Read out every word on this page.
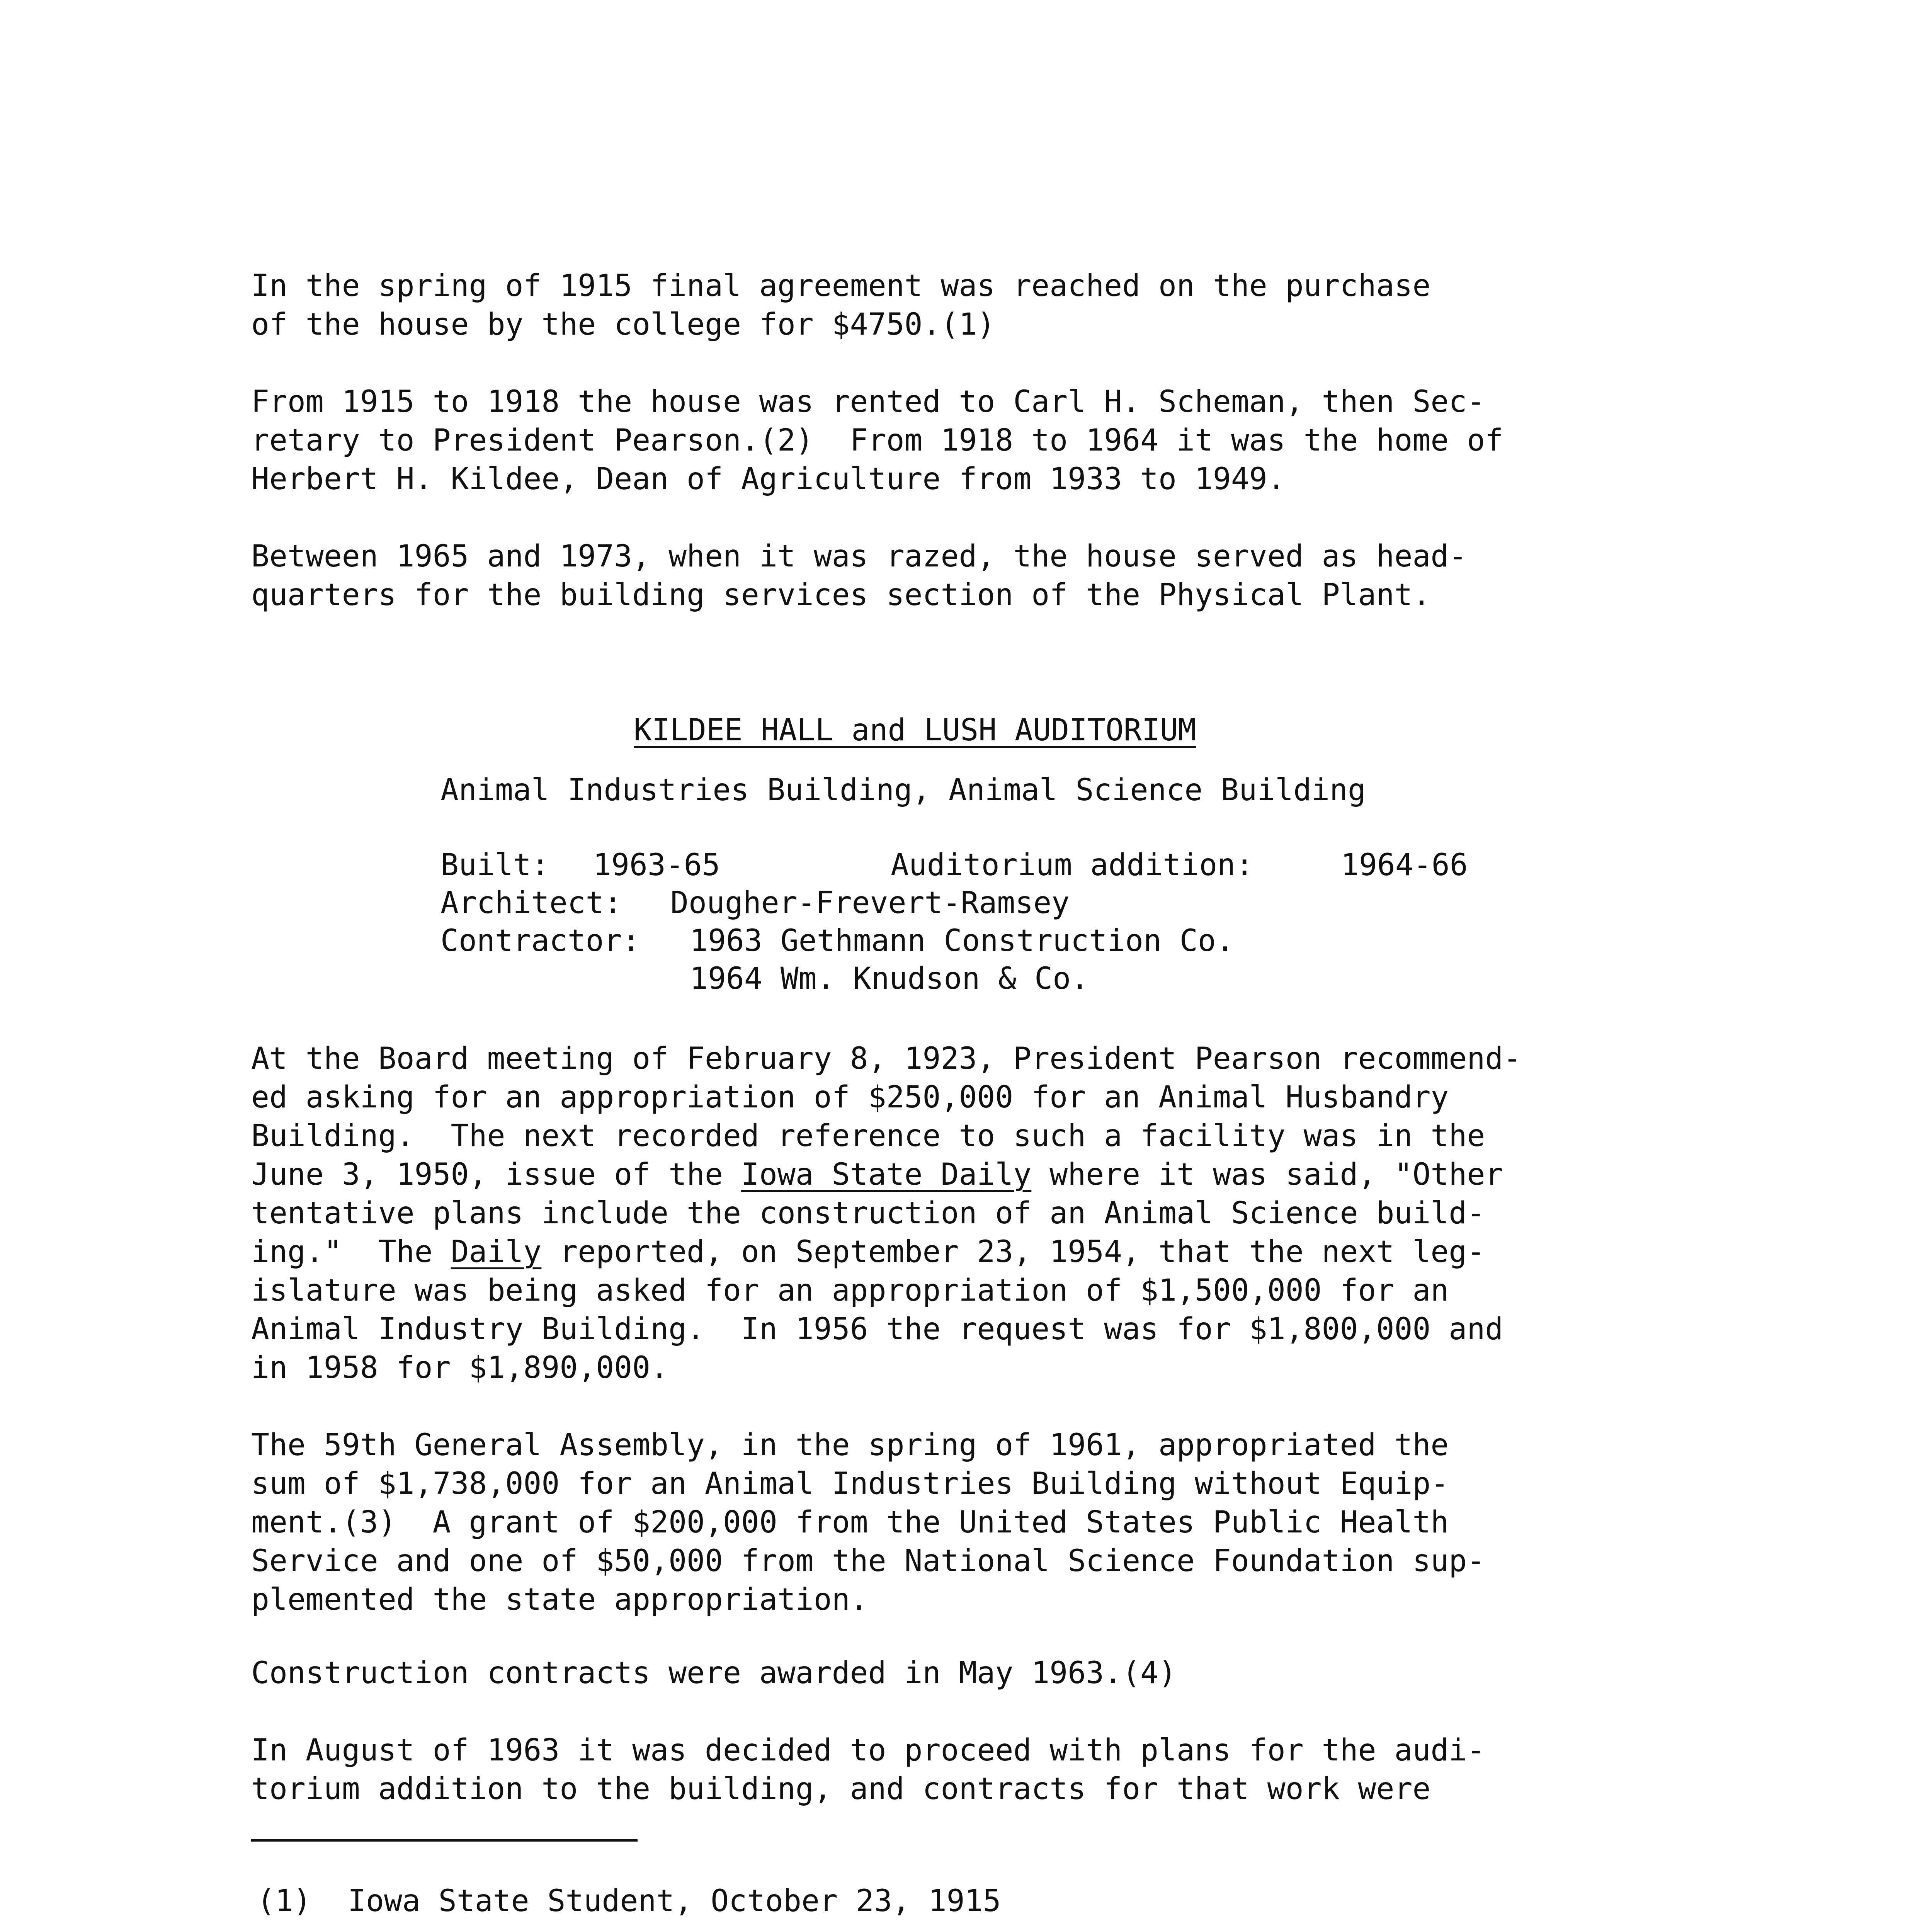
In the spring of 1915 final agreement was reached on the purchase
of the house by the college for $4750.(1)

From 1915 to 1918 the house was rented to Carl H. Scheman, then Sec-
retary to President Pearson.(2)  From 1918 to 1964 it was the home of
Herbert H. Kildee, Dean of Agriculture from 1933 to 1949.

Between 1965 and 1973, when it was razed, the house served as head-
quarters for the building services section of the Physical Plant.

KILDEE HALL and LUSH AUDITORIUM
Animal Industries Building, Animal Science Building

Built:

1963-65

	Auditorium addition:

	1964-66

Architect:

Dougher-Frevert-Ramsey

Contractor:

1963 Gethmann Construction Co.

1964 Wm. Knudson & Co.

At the Board meeting of February 8, 1923, President Pearson recommend-
ed asking for an appropriation of $250,000 for an Animal Husbandry
Building.  The next recorded reference to such a facility was in the
June 3, 1950, issue of the Iowa State Daily where it was said, "Other
tentative plans include the construction of an Animal Science build-
ing."  The Daily reported, on September 23, 1954, that the next leg-
islature was being asked for an appropriation of $1,500,000 for an
Animal Industry Building.  In 1956 the request was for $1,800,000 and
in 1958 for $1,890,000.

The 59th General Assembly, in the spring of 1961, appropriated the
sum of $1,738,000 for an Animal Industries Building without Equip-
ment.(3)  A grant of $200,000 from the United States Public Health
Service and one of $50,000 from the National Science Foundation sup-
plemented the state appropriation.

Construction contracts were awarded in May 1963.(4)

In August of 1963 it was decided to proceed with plans for the audi-
torium addition to the building, and contracts for that work were

(1)

Iowa State Student, October 23, 1915
